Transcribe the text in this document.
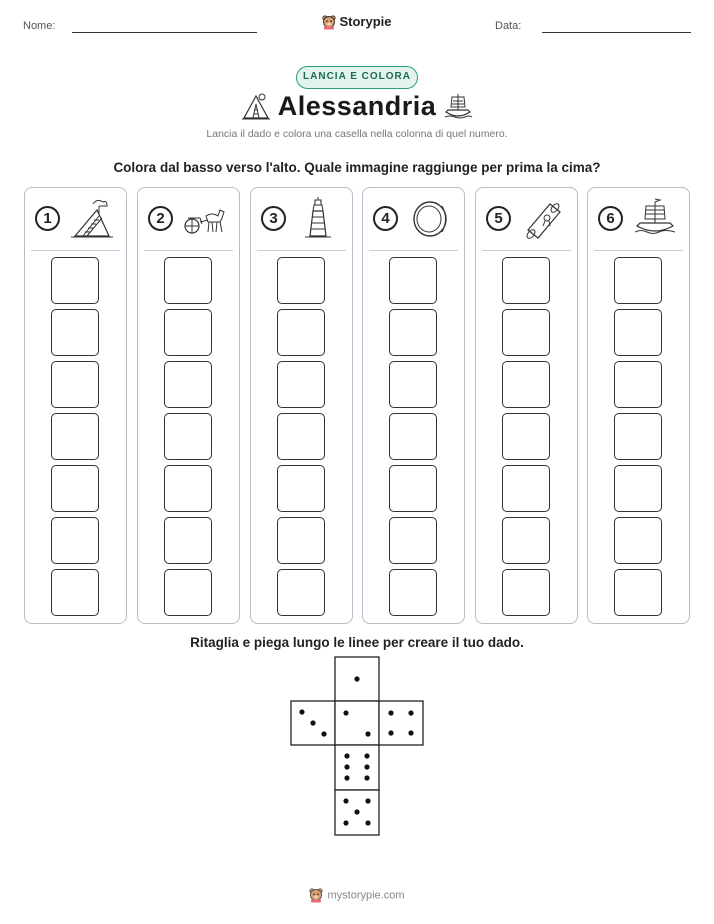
Nome:	Storypie	Data:
LANCIA E COLORA
Alessandria
Lancia il dado e colora una casella nella colonna di quel numero.
Colora dal basso verso l'alto. Quale immagine raggiunge per prima la cima?
1	2	3	4	5	6
Ritaglia e piega lungo le linee per creare il tuo dado.
mystorypie.com
